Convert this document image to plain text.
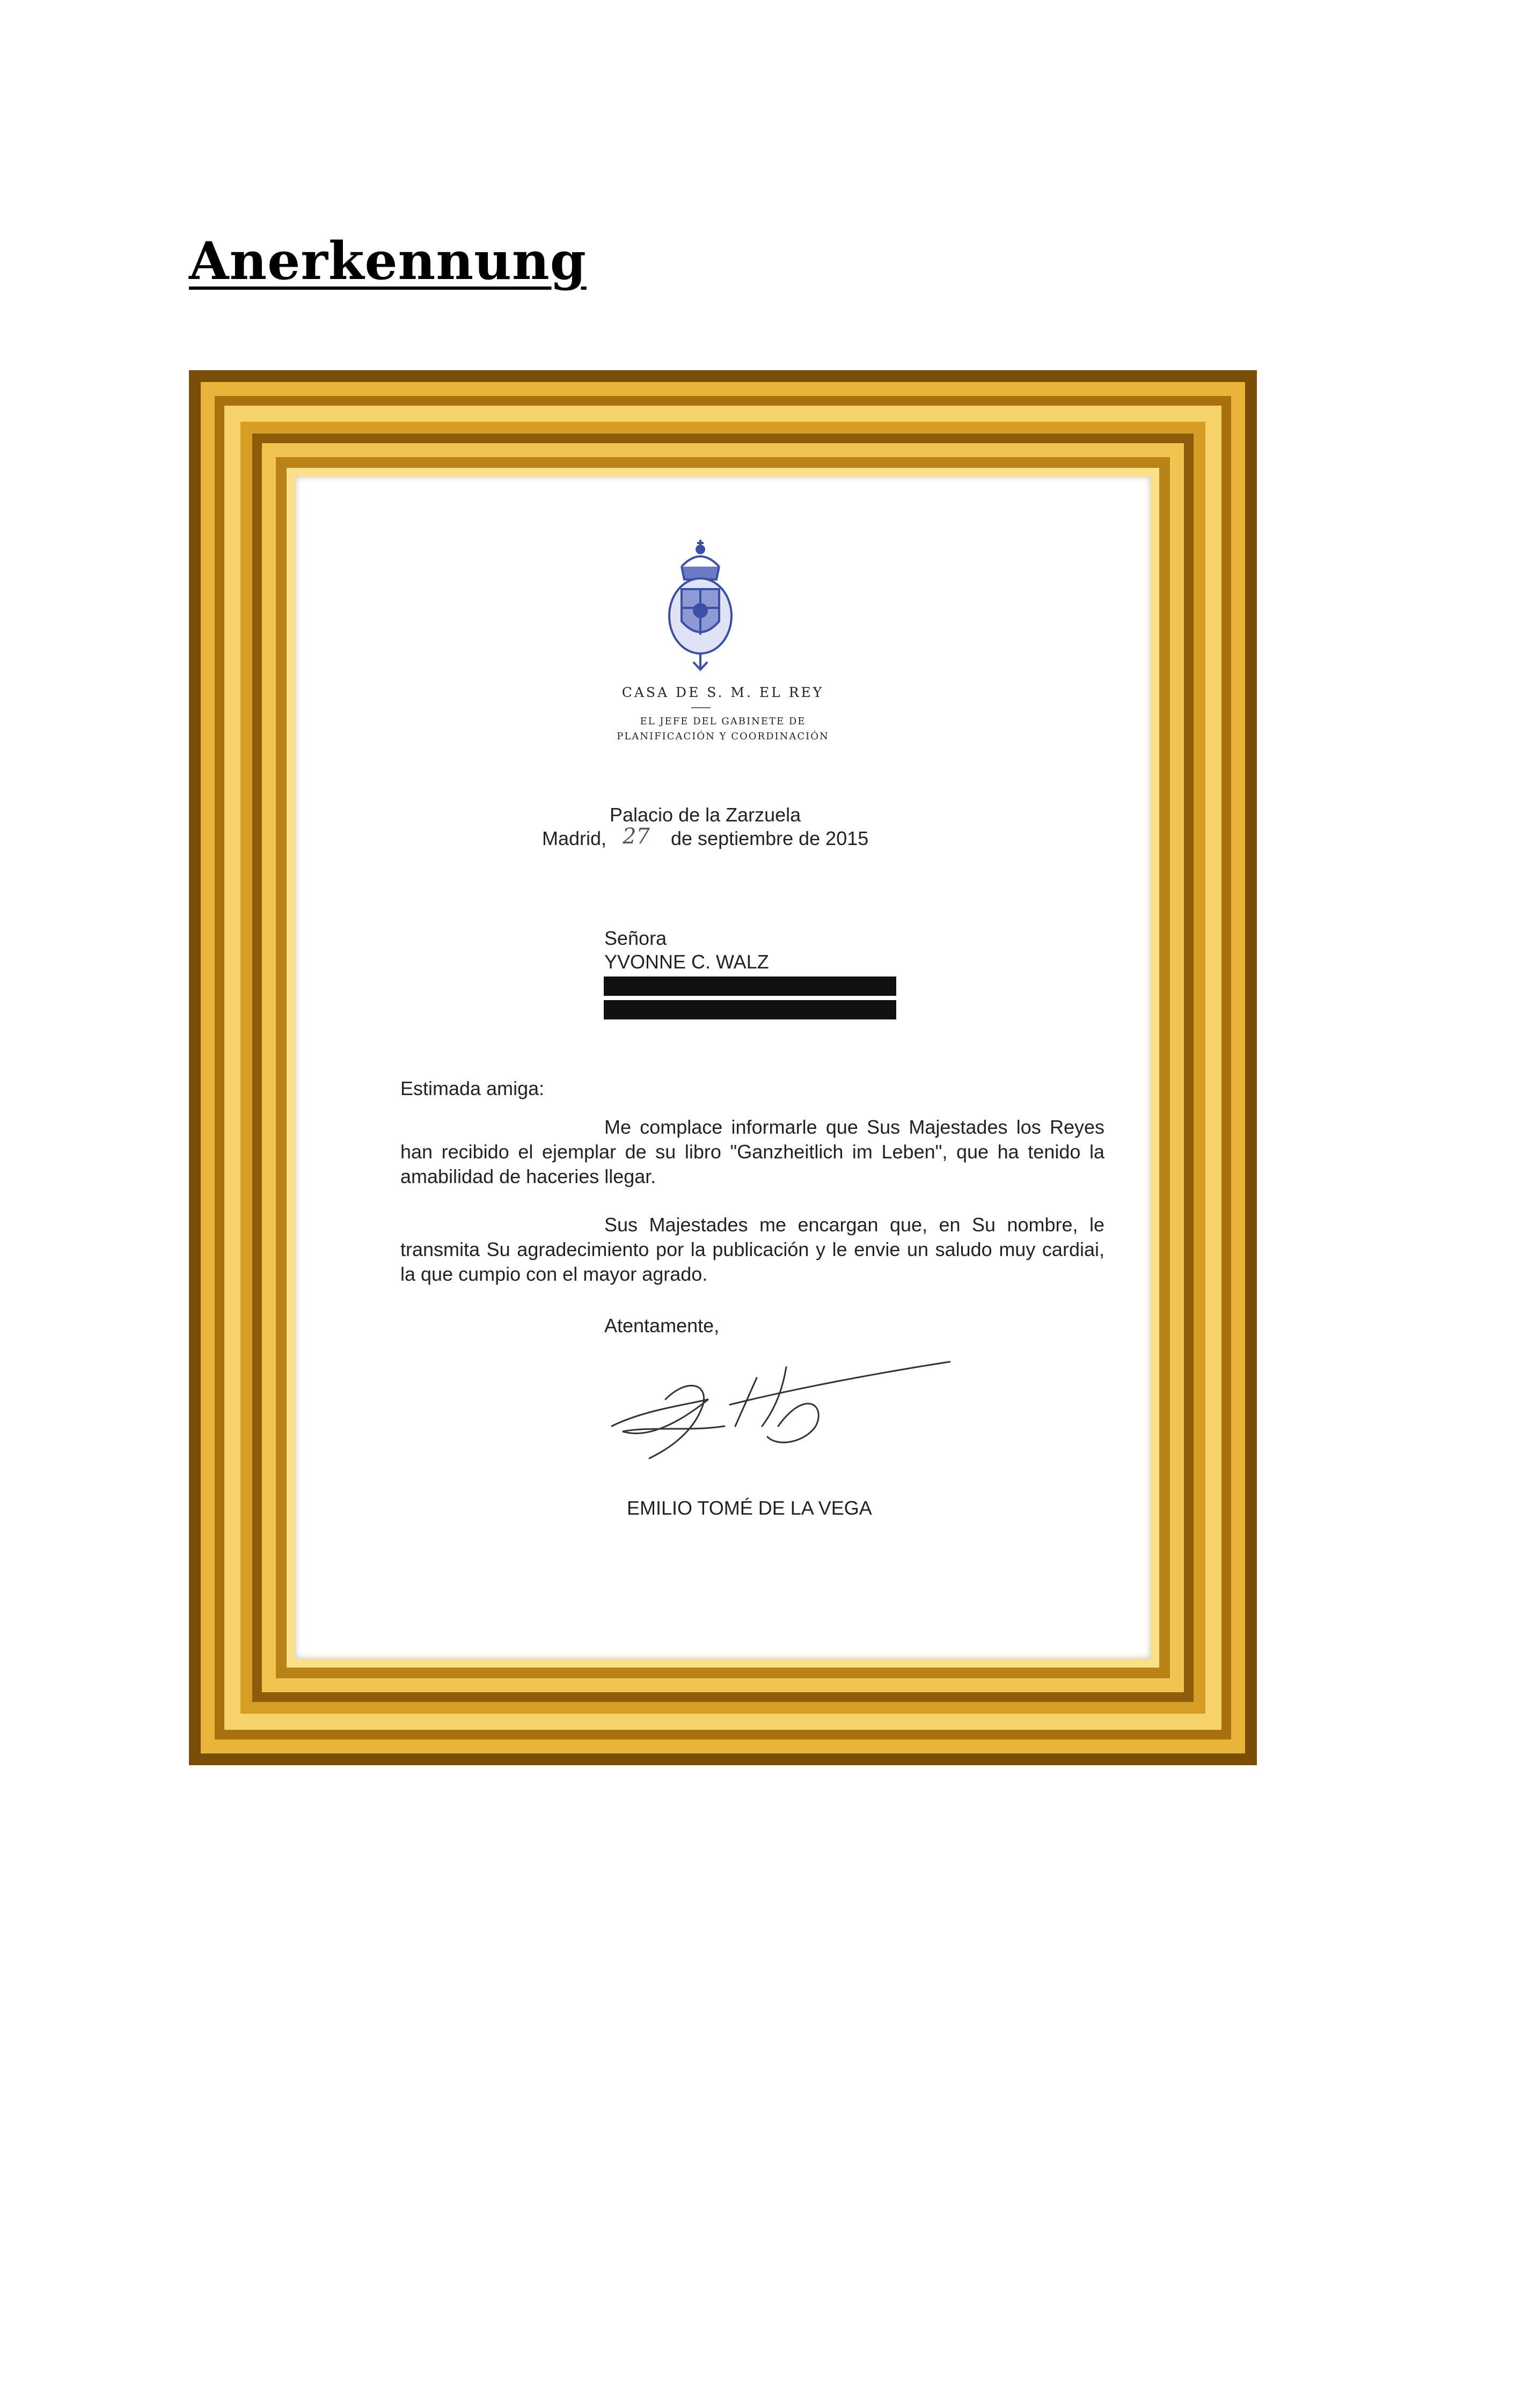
Anerkennung
CASA DE S. M. EL REY
EL JEFE DEL GABINETE DE
PLANIFICACIÓN Y COORDINACIÓN
Palacio de la Zarzuela
Madrid, 27 de septiembre de 2015
Señora
YVONNE C. WALZ
Estimada amiga:

Me complace informarle que Sus Majestades los Reyes han recibido el ejemplar de su libro "Ganzheitlich im Leben", que ha tenido la amabilidad de haceries llegar.

Sus Majestades me encargan que, en Su nombre, le transmita Su agradecimiento por la publicación y le envie un saludo muy cardiai, la que cumpio con el mayor agrado.

Atentamente,
EMILIO TOMÉ DE LA VEGA
